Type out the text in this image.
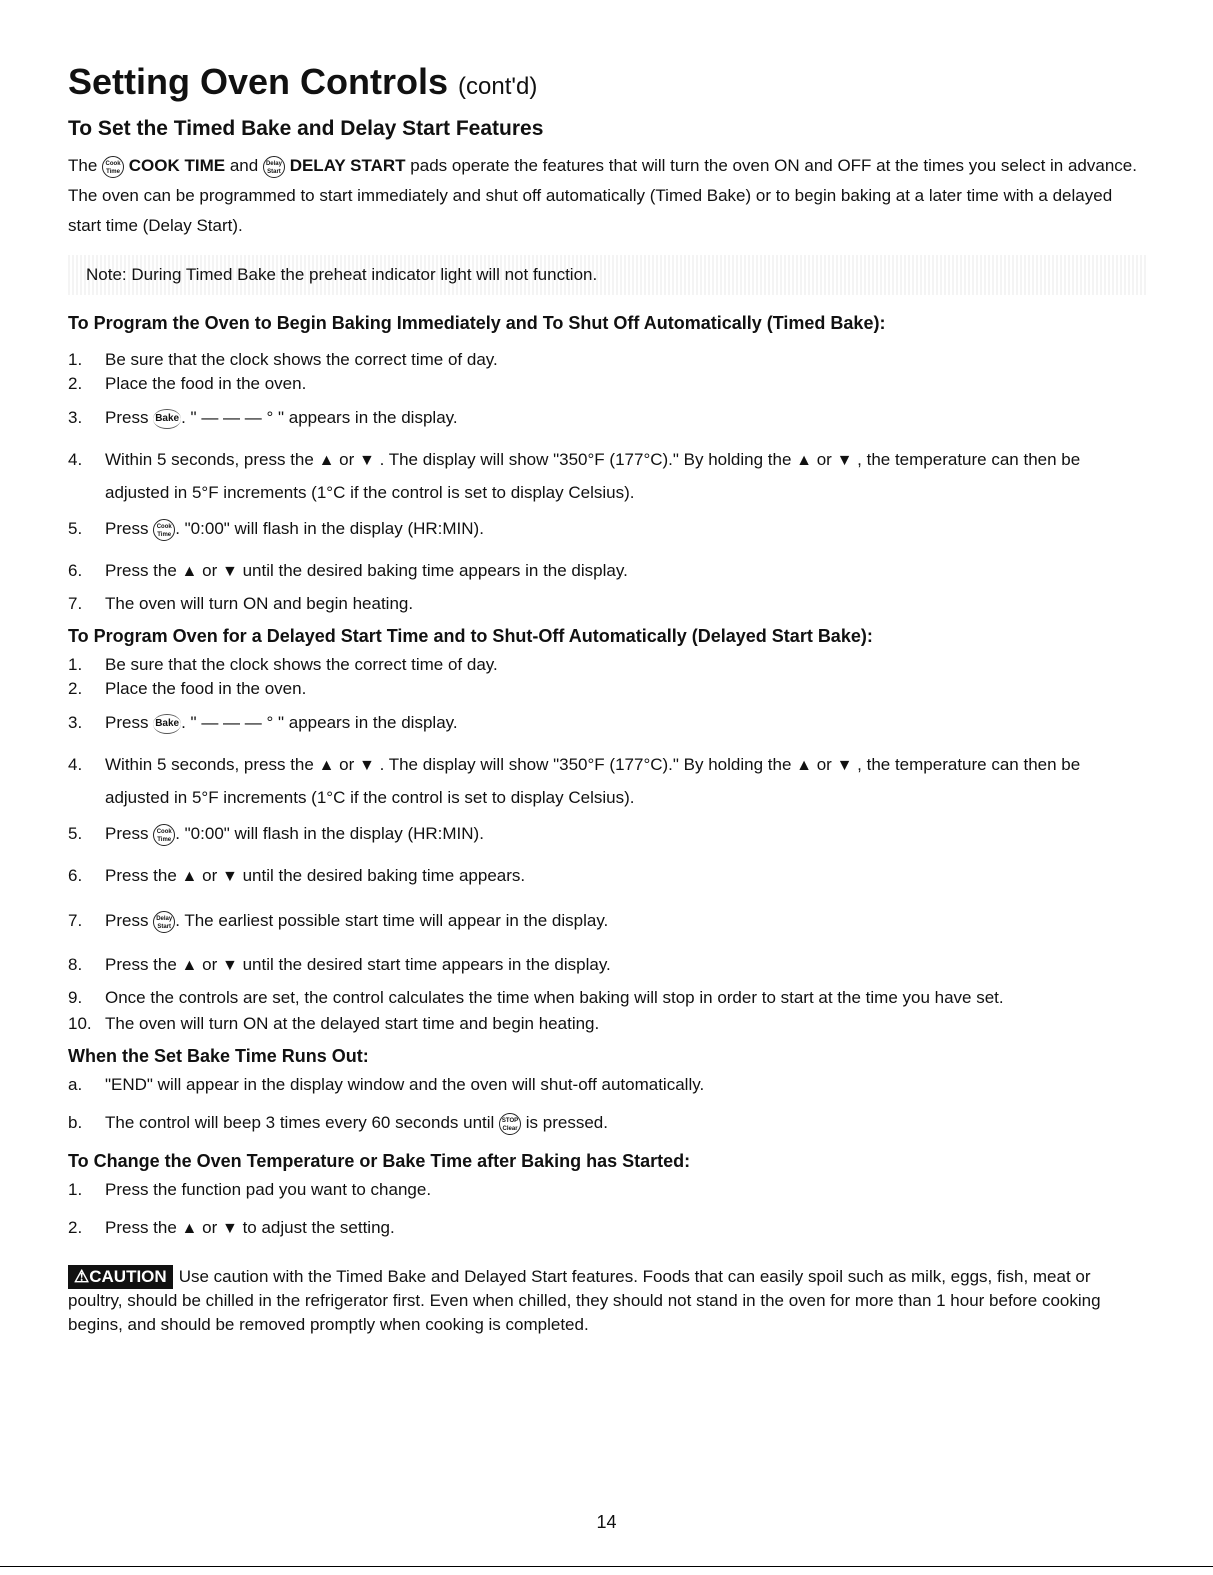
Setting Oven Controls (cont'd)
To Set the Timed Bake and Delay Start Features

The Cook
Time COOK TIME and Delay
Start DELAY START pads operate the features that will turn the oven ON and OFF at the times you select in advance. The oven can be programmed to start immediately and shut off automatically (Timed Bake) or to begin baking at a later time with a delayed start time (Delay Start).

Note: During Timed Bake the preheat indicator light will not function.
To Program the Oven to Begin Baking Immediately and To Shut Off Automatically (Timed Bake):
1.	Be sure that the clock shows the correct time of day.
2.	Place the food in the oven.
3.	Press Bake . " — — — ° " appears in the display.
4.	Within 5 seconds, press the ▲ or ▼ . The display will show "350°F (177°C)." By holding the ▲ or ▼ , the temperature can then be adjusted in 5°F increments (1°C if the control is set to display Celsius).
5.	Press Cook
Time . "0:00" will flash in the display (HR:MIN).
6.	Press the ▲ or ▼ until the desired baking time appears in the display.
7.	The oven will turn ON and begin heating.
To Program Oven for a Delayed Start Time and to Shut-Off Automatically (Delayed Start Bake):
1.	Be sure that the clock shows the correct time of day.
2.	Place the food in the oven.
3.	Press Bake . " — — — ° " appears in the display.
4.	Within 5 seconds, press the ▲ or ▼ . The display will show "350°F (177°C)." By holding the ▲ or ▼ , the temperature can then be adjusted in 5°F increments (1°C if the control is set to display Celsius).
5.	Press Cook
Time . "0:00" will flash in the display (HR:MIN).
6.	Press the ▲ or ▼ until the desired baking time appears.
7.	Press Delay
Start . The earliest possible start time will appear in the display.
8.	Press the ▲ or ▼ until the desired start time appears in the display.
9.	Once the controls are set, the control calculates the time when baking will stop in order to start at the time you have set.
10. The oven will turn ON at the delayed start time and begin heating.
When the Set Bake Time Runs Out:
a.	"END" will appear in the display window and the oven will shut-off automatically.
b.	The control will beep 3 times every 60 seconds until STOP
Clear is pressed.
To Change the Oven Temperature or Bake Time after Baking has Started:
1.	Press the function pad you want to change.
2.	Press the ▲ or ▼ to adjust the setting.

⚠CAUTION Use caution with the Timed Bake and Delayed Start features. Foods that can easily spoil such as milk, eggs, fish, meat or poultry, should be chilled in the refrigerator first. Even when chilled, they should not stand in the oven for more than 1 hour before cooking begins, and should be removed promptly when cooking is completed.

14
